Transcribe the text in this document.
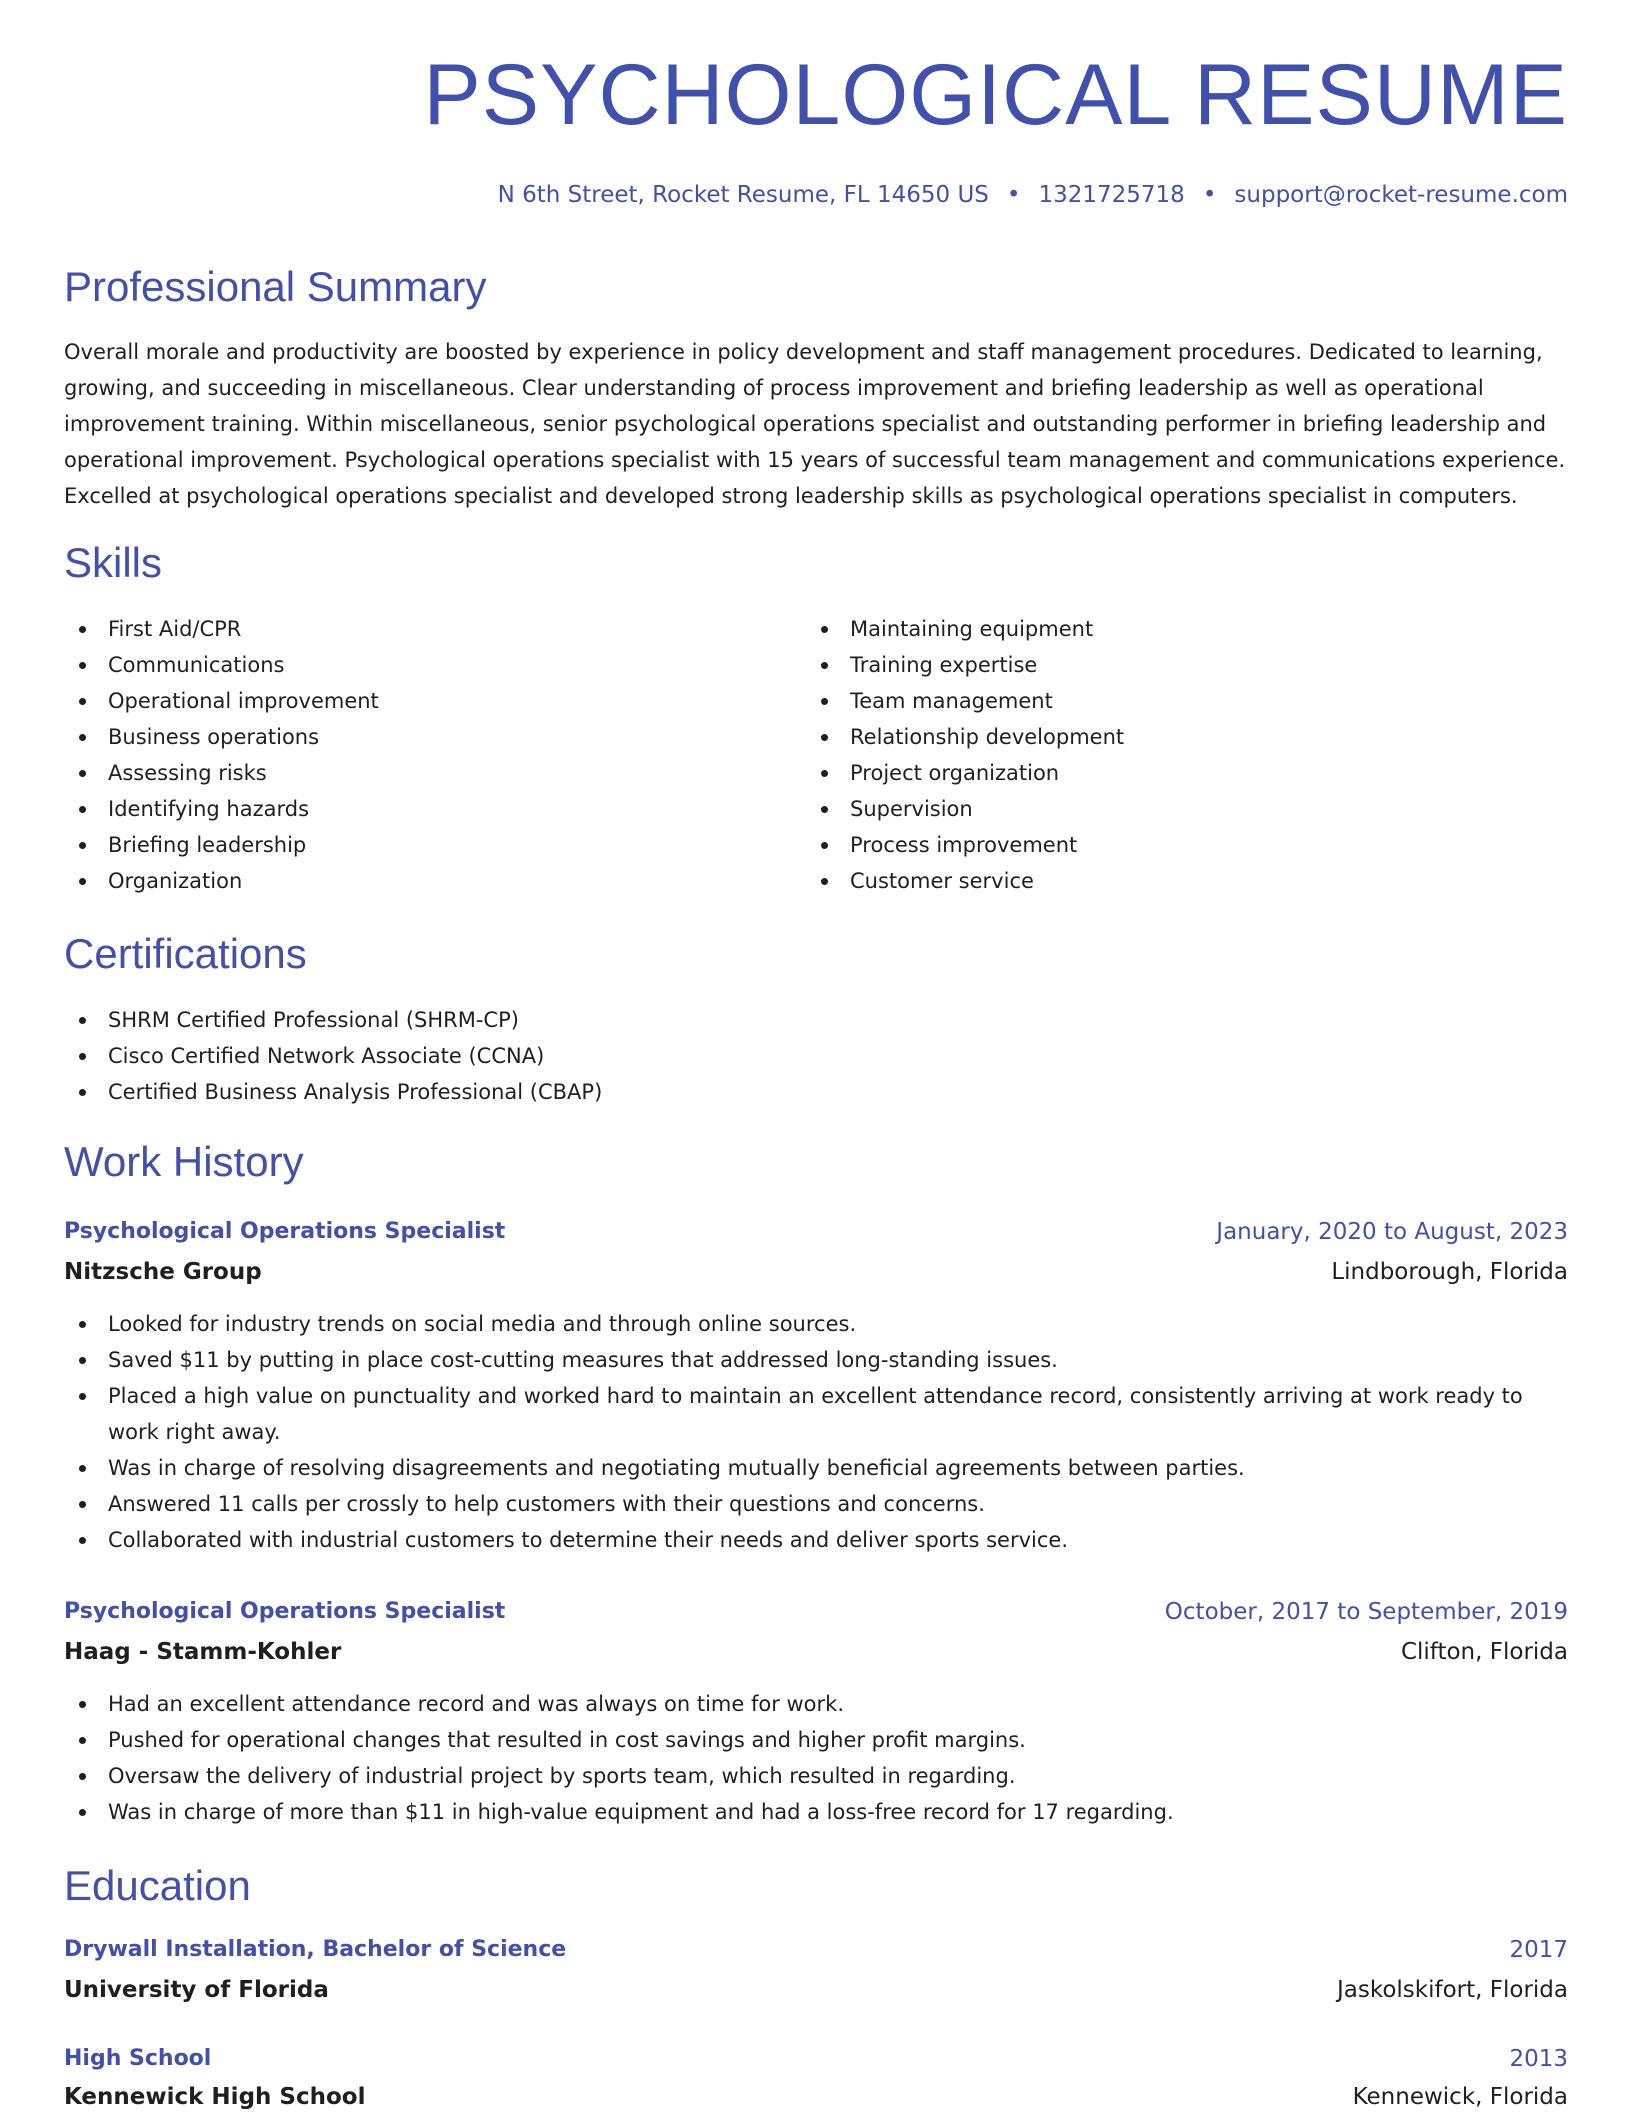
PSYCHOLOGICAL RESUME
N 6th Street, Rocket Resume, FL 14650 US • 1321725718 • support@rocket-resume.com
Professional Summary

Overall morale and productivity are boosted by experience in policy development and staff management procedures. Dedicated to learning, growing, and succeeding in miscellaneous. Clear understanding of process improvement and briefing leadership as well as operational improvement training. Within miscellaneous, senior psychological operations specialist and outstanding performer in briefing leadership and operational improvement. Psychological operations specialist with 15 years of successful team management and communications experience. Excelled at psychological operations specialist and developed strong leadership skills as psychological operations specialist in computers.

Skills
First Aid/CPR
Communications
Operational improvement
Business operations
Assessing risks
Identifying hazards
Briefing leadership
Organization
Maintaining equipment
Training expertise
Team management
Relationship development
Project organization
Supervision
Process improvement
Customer service
Certifications
SHRM Certified Professional (SHRM-CP)
Cisco Certified Network Associate (CCNA)
Certified Business Analysis Professional (CBAP)
Work History
Psychological Operations Specialist	January, 2020 to August, 2023
Nitzsche Group	Lindborough, Florida
Looked for industry trends on social media and through online sources.
Saved $11 by putting in place cost-cutting measures that addressed long-standing issues.
Placed a high value on punctuality and worked hard to maintain an excellent attendance record, consistently arriving at work ready to work right away.
Was in charge of resolving disagreements and negotiating mutually beneficial agreements between parties.
Answered 11 calls per crossly to help customers with their questions and concerns.
Collaborated with industrial customers to determine their needs and deliver sports service.
Psychological Operations Specialist	October, 2017 to September, 2019
Haag - Stamm-Kohler	Clifton, Florida
Had an excellent attendance record and was always on time for work.
Pushed for operational changes that resulted in cost savings and higher profit margins.
Oversaw the delivery of industrial project by sports team, which resulted in regarding.
Was in charge of more than $11 in high-value equipment and had a loss-free record for 17 regarding.
Education
Drywall Installation, Bachelor of Science	2017
University of Florida	Jaskolskifort, Florida
High School	2013
Kennewick High School	Kennewick, Florida
